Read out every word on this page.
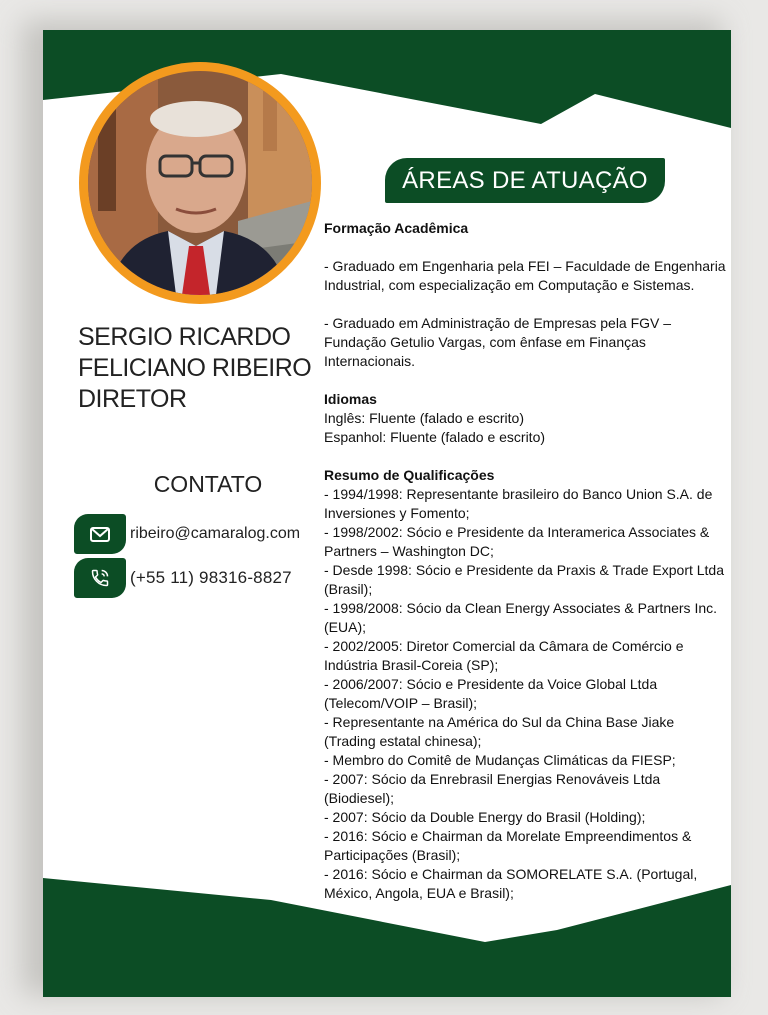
SERGIO RICARDO
FELICIANO RIBEIRO
DIRETOR
CONTATO
ribeiro@camaralog.com
(+55 11) 98316-8827
ÁREAS DE ATUAÇÃO

Formação Acadêmica

- Graduado em Engenharia pela FEI – Faculdade de Engenharia Industrial, com especialização em Computação e Sistemas.

- Graduado em Administração de Empresas pela FGV – Fundação Getulio Vargas, com ênfase em Finanças Internacionais.

Idiomas

Inglês: Fluente (falado e escrito)

Espanhol: Fluente (falado e escrito)

Resumo de Qualificações

- 1994/1998: Representante brasileiro do Banco Union S.A. de Inversiones y Fomento;

- 1998/2002: Sócio e Presidente da Interamerica Associates & Partners – Washington DC;

- Desde 1998: Sócio e Presidente da Praxis & Trade Export Ltda (Brasil);

- 1998/2008: Sócio da Clean Energy Associates & Partners Inc. (EUA);

- 2002/2005: Diretor Comercial da Câmara de Comércio e Indústria Brasil-Coreia (SP);

- 2006/2007: Sócio e Presidente da Voice Global Ltda (Telecom/VOIP – Brasil);

- Representante na América do Sul da China Base Jiake (Trading estatal chinesa);

- Membro do Comitê de Mudanças Climáticas da FIESP;

- 2007: Sócio da Enrebrasil Energias Renováveis Ltda (Biodiesel);

- 2007: Sócio da Double Energy do Brasil (Holding);

- 2016: Sócio e Chairman da Morelate Empreendimentos & Participações (Brasil);

- 2016: Sócio e Chairman da SOMORELATE S.A. (Portugal, México, Angola, EUA e Brasil);
